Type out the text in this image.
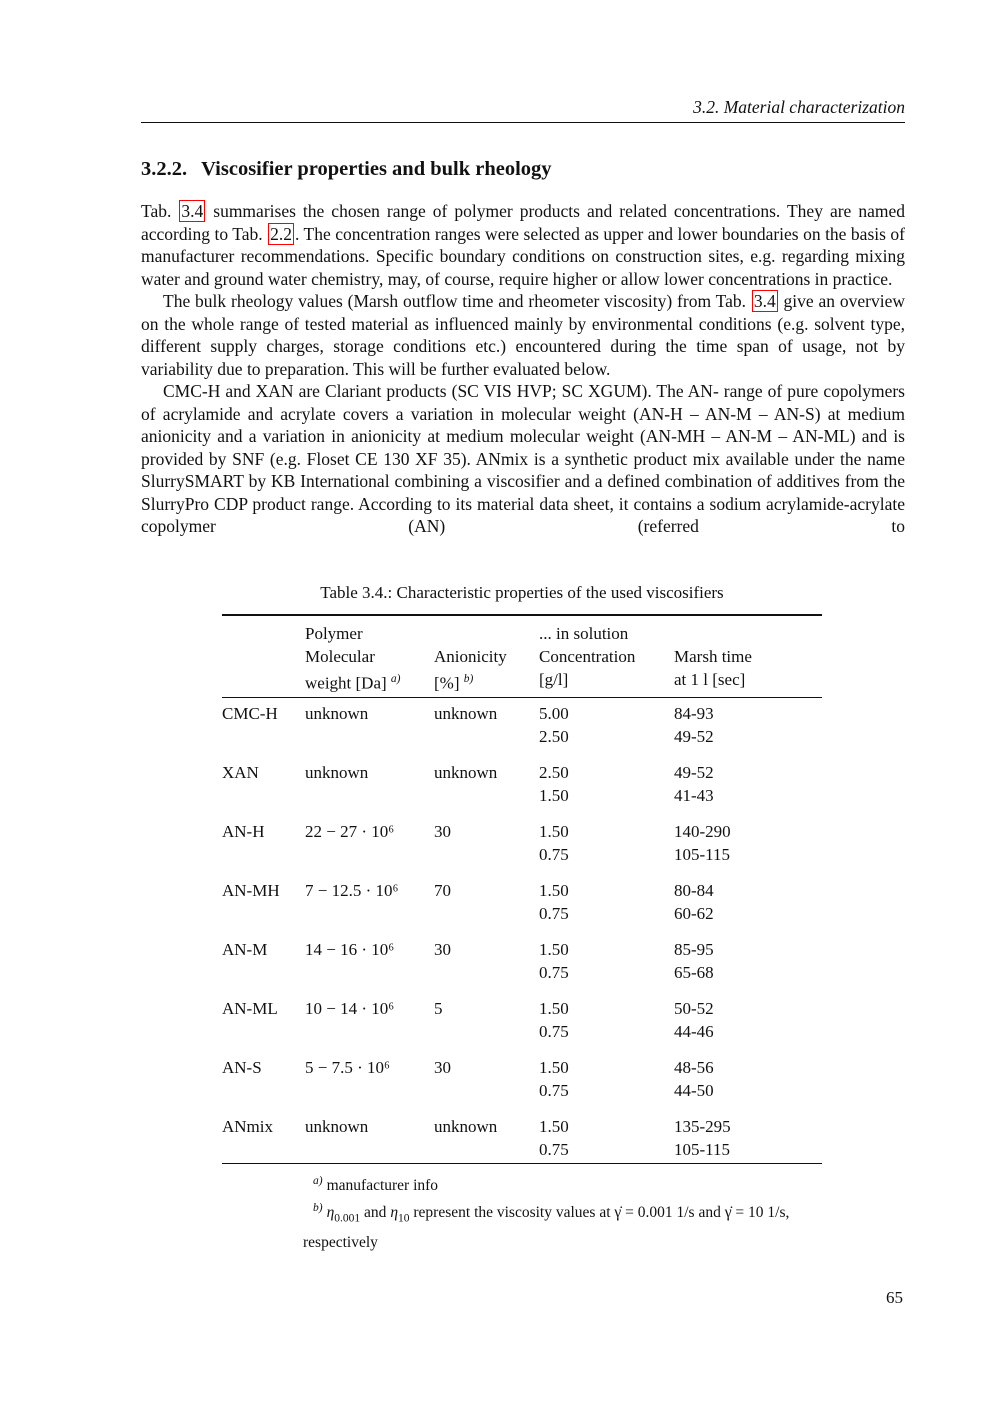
3.2. Material characterization
3.2.2. Viscosifier properties and bulk rheology

Tab. 3.4 summarises the chosen range of polymer products and related concentrations. They are named according to Tab. 2.2 . The concentration ranges were selected as upper and lower boundaries on the basis of manufacturer recommendations. Specific boundary conditions on construction sites, e.g. regarding mixing water and ground water chemistry, may, of course, require higher or allow lower concentrations in practice.

The bulk rheology values (Marsh outflow time and rheometer viscosity) from Tab. 3.4 give an overview on the whole range of tested material as influenced mainly by environmental conditions (e.g. solvent type, different supply charges, storage conditions etc.) encountered during the time span of usage, not by variability due to preparation. This will be further evaluated below.

CMC-H and XAN are Clariant products (SC VIS HVP; SC XGUM). The AN- range of pure copolymers of acrylamide and acrylate covers a variation in molecular weight (AN-H – AN-M – AN-S) at medium anionicity and a variation in anionicity at medium molecular weight (AN-MH – AN-M – AN-ML) and is provided by SNF (e.g. Floset CE 130 XF 35). ANmix is a synthetic product mix available under the name SlurrySMART by KB International combining a viscosifier and a defined combination of additives from the SlurryPro CDP product range. According to its material data sheet, it contains a sodium acrylamide-acrylate copolymer (AN) (referred to

Table 3.4.: Characteristic properties of the used viscosifiers
	Polymer		... in solution	
	Molecular	Anionicity	Concentration	Marsh time
	weight [Da] $^{a)}$	[%] $^{b)}$	[g/l]	at 1 l [sec]
CMC-H	unknown	unknown	5.00	84-93
			2.50	49-52
XAN	unknown	unknown	2.50	49-52
			1.50	41-43
AN-H	22 − 27 · 10⁶	30	1.50	140-290
			0.75	105-115
AN-MH	7 − 12.5 · 10⁶	70	1.50	80-84
			0.75	60-62
AN-M	14 − 16 · 10⁶	30	1.50	85-95
			0.75	65-68
AN-ML	10 − 14 · 10⁶	5	1.50	50-52
			0.75	44-46
AN-S	5 − 7.5 · 10⁶	30	1.50	48-56
			0.75	44-50
ANmix	unknown	unknown	1.50	135-295
			0.75	105-115

$^{a)}$ manufacturer info

$^{b)}$ $\eta_{0.001}$ and $\eta_{10}$ represent the viscosity values at γ̇ = 0.001 1/s and γ̇ = 10 1/s,

respectively

65
